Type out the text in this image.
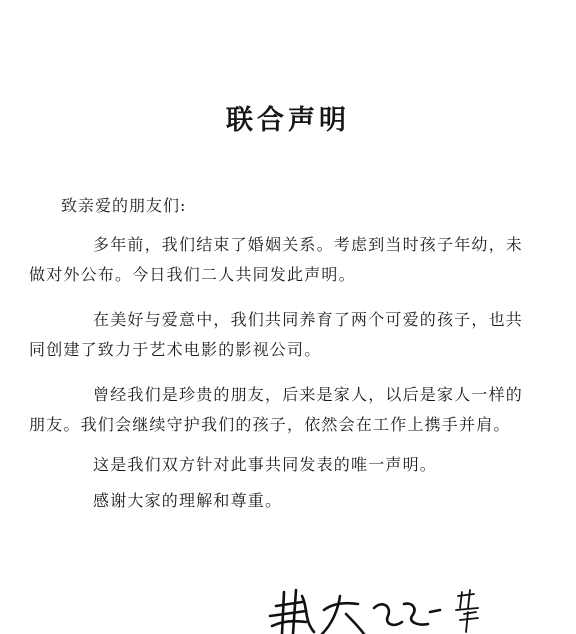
联合声明
致亲爱的朋友们:
多年前，我们结束了婚姻关系。考虑到当时孩子年幼，未
做对外公布。今日我们二人共同发此声明。
在美好与爱意中，我们共同养育了两个可爱的孩子，也共
同创建了致力于艺术电影的影视公司。
曾经我们是珍贵的朋友，后来是家人，以后是家人一样的
朋友。我们会继续守护我们的孩子，依然会在工作上携手并肩。
这是我们双方针对此事共同发表的唯一声明。
感谢大家的理解和尊重。
